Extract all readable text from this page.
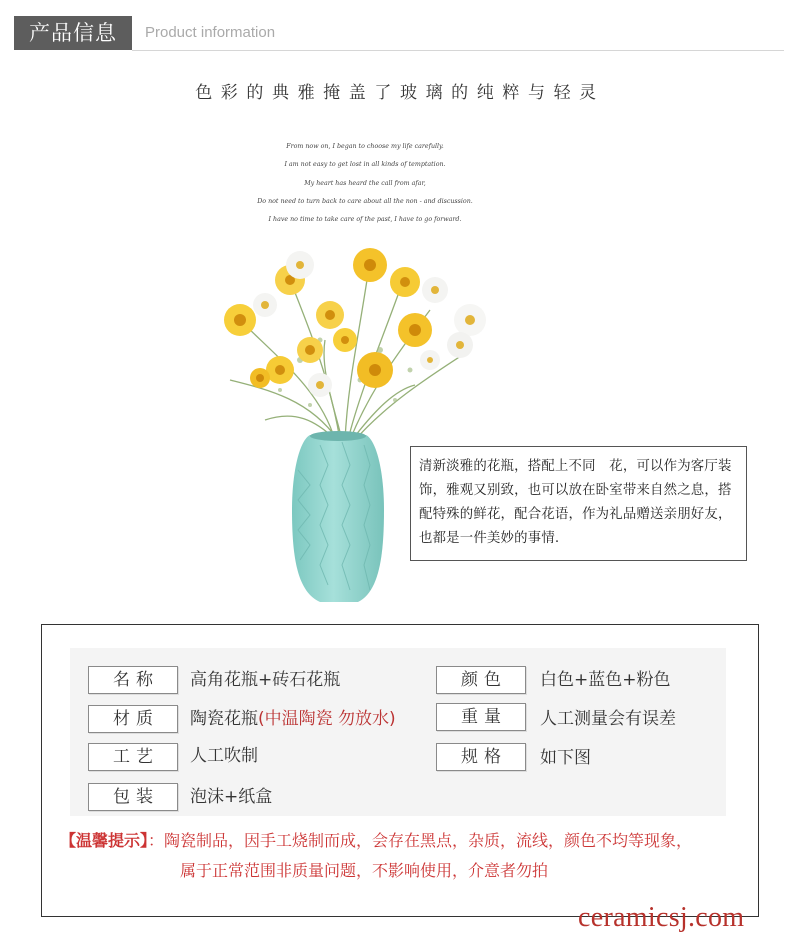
产品信息	Product information
色彩的典雅掩盖了玻璃的纯粹与轻灵
From now on, I began to choose my life carefully.
I am not easy to get lost in all kinds of temptation.
My heart has heard the call from afar,
Do not need to turn back to care about all the non - and discussion.
I have no time to take care of the past, I have to go forward.
清新淡雅的花瓶，搭配上不同　花，可以作为客厅装饰，雅观又别致，也可以放在卧室带来自然之息，搭配特殊的鲜花，配合花语，作为礼品赠送亲朋好友，也都是一件美妙的事情.
名称	高角花瓶+砖石花瓶	颜色	白色+蓝色+粉色
材质	陶瓷花瓶(中温陶瓷 勿放水)	重量	人工测量会有误差
工艺	人工吹制	规格	如下图
包装	泡沫+纸盒
【温馨提示】：陶瓷制品，因手工烧制而成，会存在黑点，杂质，流线，颜色不均等现象，
属于正常范围非质量问题，不影响使用，介意者勿拍
ceramicsj.com
